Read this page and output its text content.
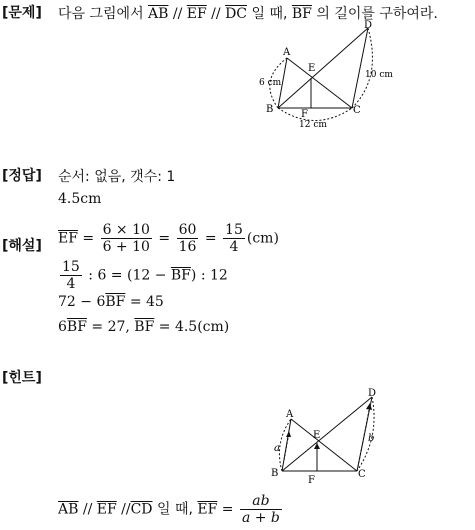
[문제] 다음 그림에서 $\overline{AB} // \overline{EF} // \overline{DC}$ 일 때, $\overline{BF}$ 의 길이를 구하여라.
A
B	C
D
E
F
6 cm
10 cm
12 cm
[정답] 순서: 없음, 갯수: 1
4.5cm
[해설] $\overline{EF} = \frac{6 \times 10}{6 + 10} = \frac{60}{16} = \frac{15}{4} (cm)$
$\frac{15}{4}$ : $6 = (12 - \overline{BF})$ : 12
$72 - 6\overline{BF} = 45$
$6\overline{BF} = 27$, $\overline{BF} = 4.5(cm)$
[힌트]
A
B	C
D
E
F
a
b
$\overline{AB} // \overline{EF}$ $//\overline{CD}$ 일 때, $\overline{EF} = \frac{ab}{a + b}$
